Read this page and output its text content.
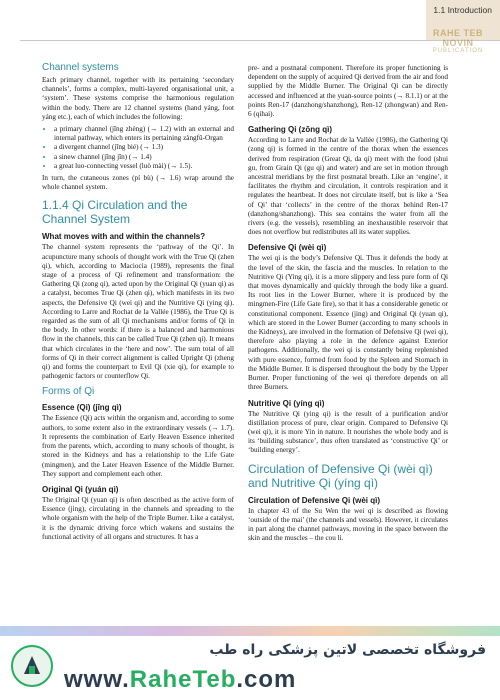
1.1 Introduction
RAHE TEB NOVIN
PUBLICATION
Channel systems

Each primary channel, together with its pertaining ‘secondary channels’, forms a complex, multi-layered organisational unit, a ‘system’. These systems comprise the harmonious regulation within the body. There are 12 channel systems (hand yáng, foot yáng etc.), each of which includes the following:

• a primary channel (jīng zhèng) (→ 1.2) with an external and internal pathway, which enters its pertaining zàngfǔ-Organ
• a divergent channel (jīng bié) (→ 1.3)
• a sinew channel (jīng jīn) (→ 1.4)
• a great luo-connecting vessel (luò mài) (→ 1.5).

In turn, the cutaneous zones (pí bù) (→ 1.6) wrap around the whole channel system.

1.1.4 Qi Circulation and the Channel System
What moves with and within the channels?

The channel system represents the ‘pathway of the Qi’. In acupuncture many schools of thought work with the True Qi (zhen qi), which, according to Maciocia (1989), represents the final stage of a process of Qi refinement and transformation: the Gathering Qi (zong qi), acted upon by the Original Qi (yuan qi) as a catalyst, becomes True Qi (zhen qi), which manifests in its two aspects, the Defensive Qi (wei qi) and the Nutritive Qi (ying qi). According to Larre and Rochat de la Vallée (1986), the True Qi is regarded as the sum of all Qi mechanisms and/or forms of Qi in the body. In other words: if there is a balanced and harmonious flow in the channels, this can be called True Qi (zhen qi). It means that which circulates in the ‘here and now’. The sum total of all forms of Qi in their correct alignment is called Upright Qi (zheng qi) and forms the counterpart to Evil Qi (xie qi), for example to pathogenic factors or counterflow Qi.

Forms of Qi
Essence (Qi) (jīng qì)

The Essence (Qi) acts within the organism and, according to some authors, to some extent also in the extraordinary vessels (→ 1.7). It represents the combination of Early Heaven Essence inherited from the parents, which, according to many schools of thought, is stored in the Kidneys and has a relationship to the Life Gate (mingmen), and the Later Heaven Essence of the Middle Burner. They support and complement each other.

Original Qi (yuán qì)

The Original Qi (yuan qi) is often described as the active form of Essence (jing), circulating in the channels and spreading to the whole organism with the help of the Triple Burner. Like a catalyst, it is the dynamic driving force which wakens and sustains the functional activity of all organs and structures. It has a

pre- and a postnatal component. Therefore its proper functioning is dependent on the supply of acquired Qi derived from the air and food supplied by the Middle Burner. The Original Qi can be directly accessed and influenced at the yuan-source points (→ 8.1.1) or at the points Ren-17 (danzhong/shanzhong), Ren-12 (zhongwan) and Ren-6 (qihai).

Gathering Qi (zōng qì)

According to Larre and Rochat de la Vallée (1986), the Gathering Qi (zong qi) is formed in the centre of the thorax when the essences derived from respiration (Great Qi, da qi) meet with the food (shui gu, from Grain Qi (gu qi) and water) and are set in motion through ancestral meridians by the first postnatal breath. Like an ‘engine’, it facilitates the rhythm and circulation, it controls respiration and it regulates the heartbeat. It does not circulate itself, but is like a ‘Sea of Qi’ that ‘collects’ in the centre of the thorax behind Ren-17 (danzhong/shanzhong). This sea contains the water from all the rivers (e.g. the vessels), resembling an inexhaustible reservoir that does not overflow but redistributes all its water supplies.

Defensive Qi (wèi qì)

The wei qi is the body’s Defensive Qi. Thus it defends the body at the level of the skin, the fascia and the muscles. In relation to the Nutritive Qi (Ying qi), it is a more slippery and less pure form of Qi that moves dynamically and quickly through the body like a guard. Its root lies in the Lower Burner, where it is produced by the mingmen-Fire (Life Gate fire), so that it has a considerable genetic or constitutional component. Essence (jing) and Original Qi (yuan qi), which are stored in the Lower Burner (according to many schools in the Kidneys), are involved in the formation of Defensive Qi (wei qi), therefore also playing a role in the defence against Exterior pathogens. Additionally, the wei qi is constantly being replenished with pure essence, formed from food by the Spleen and Stomach in the Middle Burner. It is dispersed throughout the body by the Upper Burner. Proper functioning of the wei qi therefore depends on all three Burners.

Nutritive Qi (yíng qì)

The Nutritive Qi (ying qi) is the result of a purification and/or distillation process of pure, clear origin. Compared to Defensive Qi (wei qi), it is more Yin in nature. It nourishes the whole body and is its ‘building substance’, thus often translated as ‘constructive Qi’ or ‘building energy’.

Circulation of Defensive Qi (wèi qì) and Nutritive Qi (yíng qì)
Circulation of Defensive Qi (wèi qì)

In chapter 43 of the Su Wen the wei qi is described as flowing ‘outside of the mai’ (the channels and vessels). However, it circulates in part along the channel pathways, moving in the space between the skin and the muscles – the cou li.

فروشگاه تخصصی لاتین پزشکی راه طب
www.RaheTeb.com
